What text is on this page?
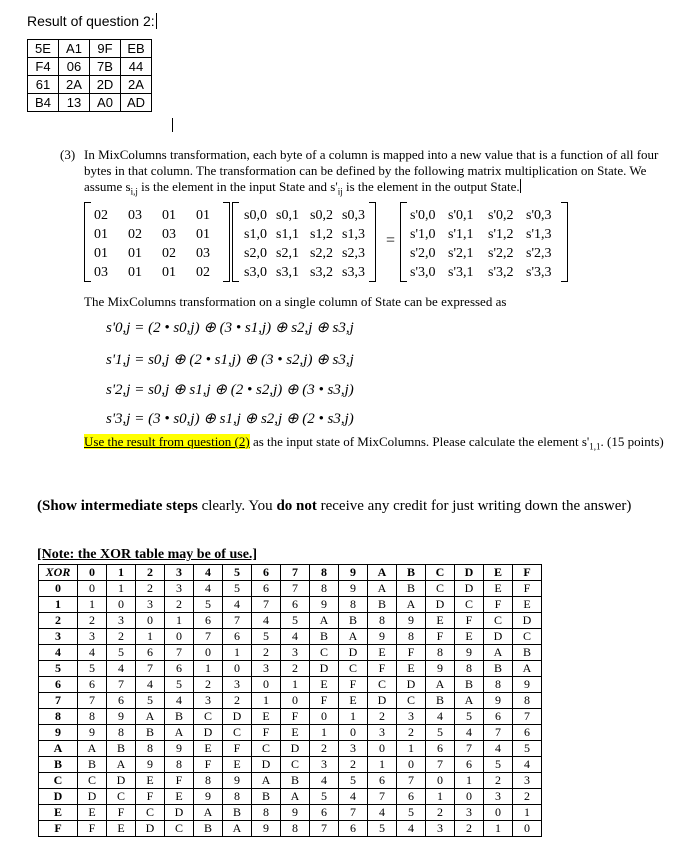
Result of question 2:
5E	A1	9F	EB
F4	06	7B	44
61	2A	2D	2A
B4	13	A0	AD
(3) In MixColumns transformation, each byte of a column is mapped into a new value that is a function of all four bytes in that column. The transformation can be defined by the following matrix multiplication on State. We assume $s_{i,j}$ is the element in the input State and $s'_{ij}$ is the element in the output State.
02 03 01 01
01 02 03 01
01 01 02 03
03 01 01 02
s0,0 s0,1 s0,2 s0,3
s1,0 s1,1 s1,2 s1,3
s2,0 s2,1 s2,2 s2,3
s3,0 s3,1 s3,2 s3,3
=
s'0,0 s'0,1 s'0,2 s'0,3
s'1,0 s'1,1 s'1,2 s'1,3
s'2,0 s'2,1 s'2,2 s'2,3
s'3,0 s'3,1 s'3,2 s'3,3
The MixColumns transformation on a single column of State can be expressed as
s'0,j = (2 • s0,j) ⊕ (3 • s1,j) ⊕ s2,j ⊕ s3,j
s'1,j = s0,j ⊕ (2 • s1,j) ⊕ (3 • s2,j) ⊕ s3,j
s'2,j = s0,j ⊕ s1,j ⊕ (2 • s2,j) ⊕ (3 • s3,j)
s'3,j = (3 • s0,j) ⊕ s1,j ⊕ s2,j ⊕ (2 • s3,j)
Use the result from question (2) as the input state of MixColumns. Please calculate the element $s'_{1,1}$. (15 points)
(Show intermediate steps clearly. You do not receive any credit for just writing down the answer)
[Note: the XOR table may be of use.]
XOR	0	1	2	3	4	5	6	7	8	9	A	B	C	D	E	F
0	0	1	2	3	4	5	6	7	8	9	A	B	C	D	E	F
1	1	0	3	2	5	4	7	6	9	8	B	A	D	C	F	E
2	2	3	0	1	6	7	4	5	A	B	8	9	E	F	C	D
3	3	2	1	0	7	6	5	4	B	A	9	8	F	E	D	C
4	4	5	6	7	0	1	2	3	C	D	E	F	8	9	A	B
5	5	4	7	6	1	0	3	2	D	C	F	E	9	8	B	A
6	6	7	4	5	2	3	0	1	E	F	C	D	A	B	8	9
7	7	6	5	4	3	2	1	0	F	E	D	C	B	A	9	8
8	8	9	A	B	C	D	E	F	0	1	2	3	4	5	6	7
9	9	8	B	A	D	C	F	E	1	0	3	2	5	4	7	6
A	A	B	8	9	E	F	C	D	2	3	0	1	6	7	4	5
B	B	A	9	8	F	E	D	C	3	2	1	0	7	6	5	4
C	C	D	E	F	8	9	A	B	4	5	6	7	0	1	2	3
D	D	C	F	E	9	8	B	A	5	4	7	6	1	0	3	2
E	E	F	C	D	A	B	8	9	6	7	4	5	2	3	0	1
F	F	E	D	C	B	A	9	8	7	6	5	4	3	2	1	0
